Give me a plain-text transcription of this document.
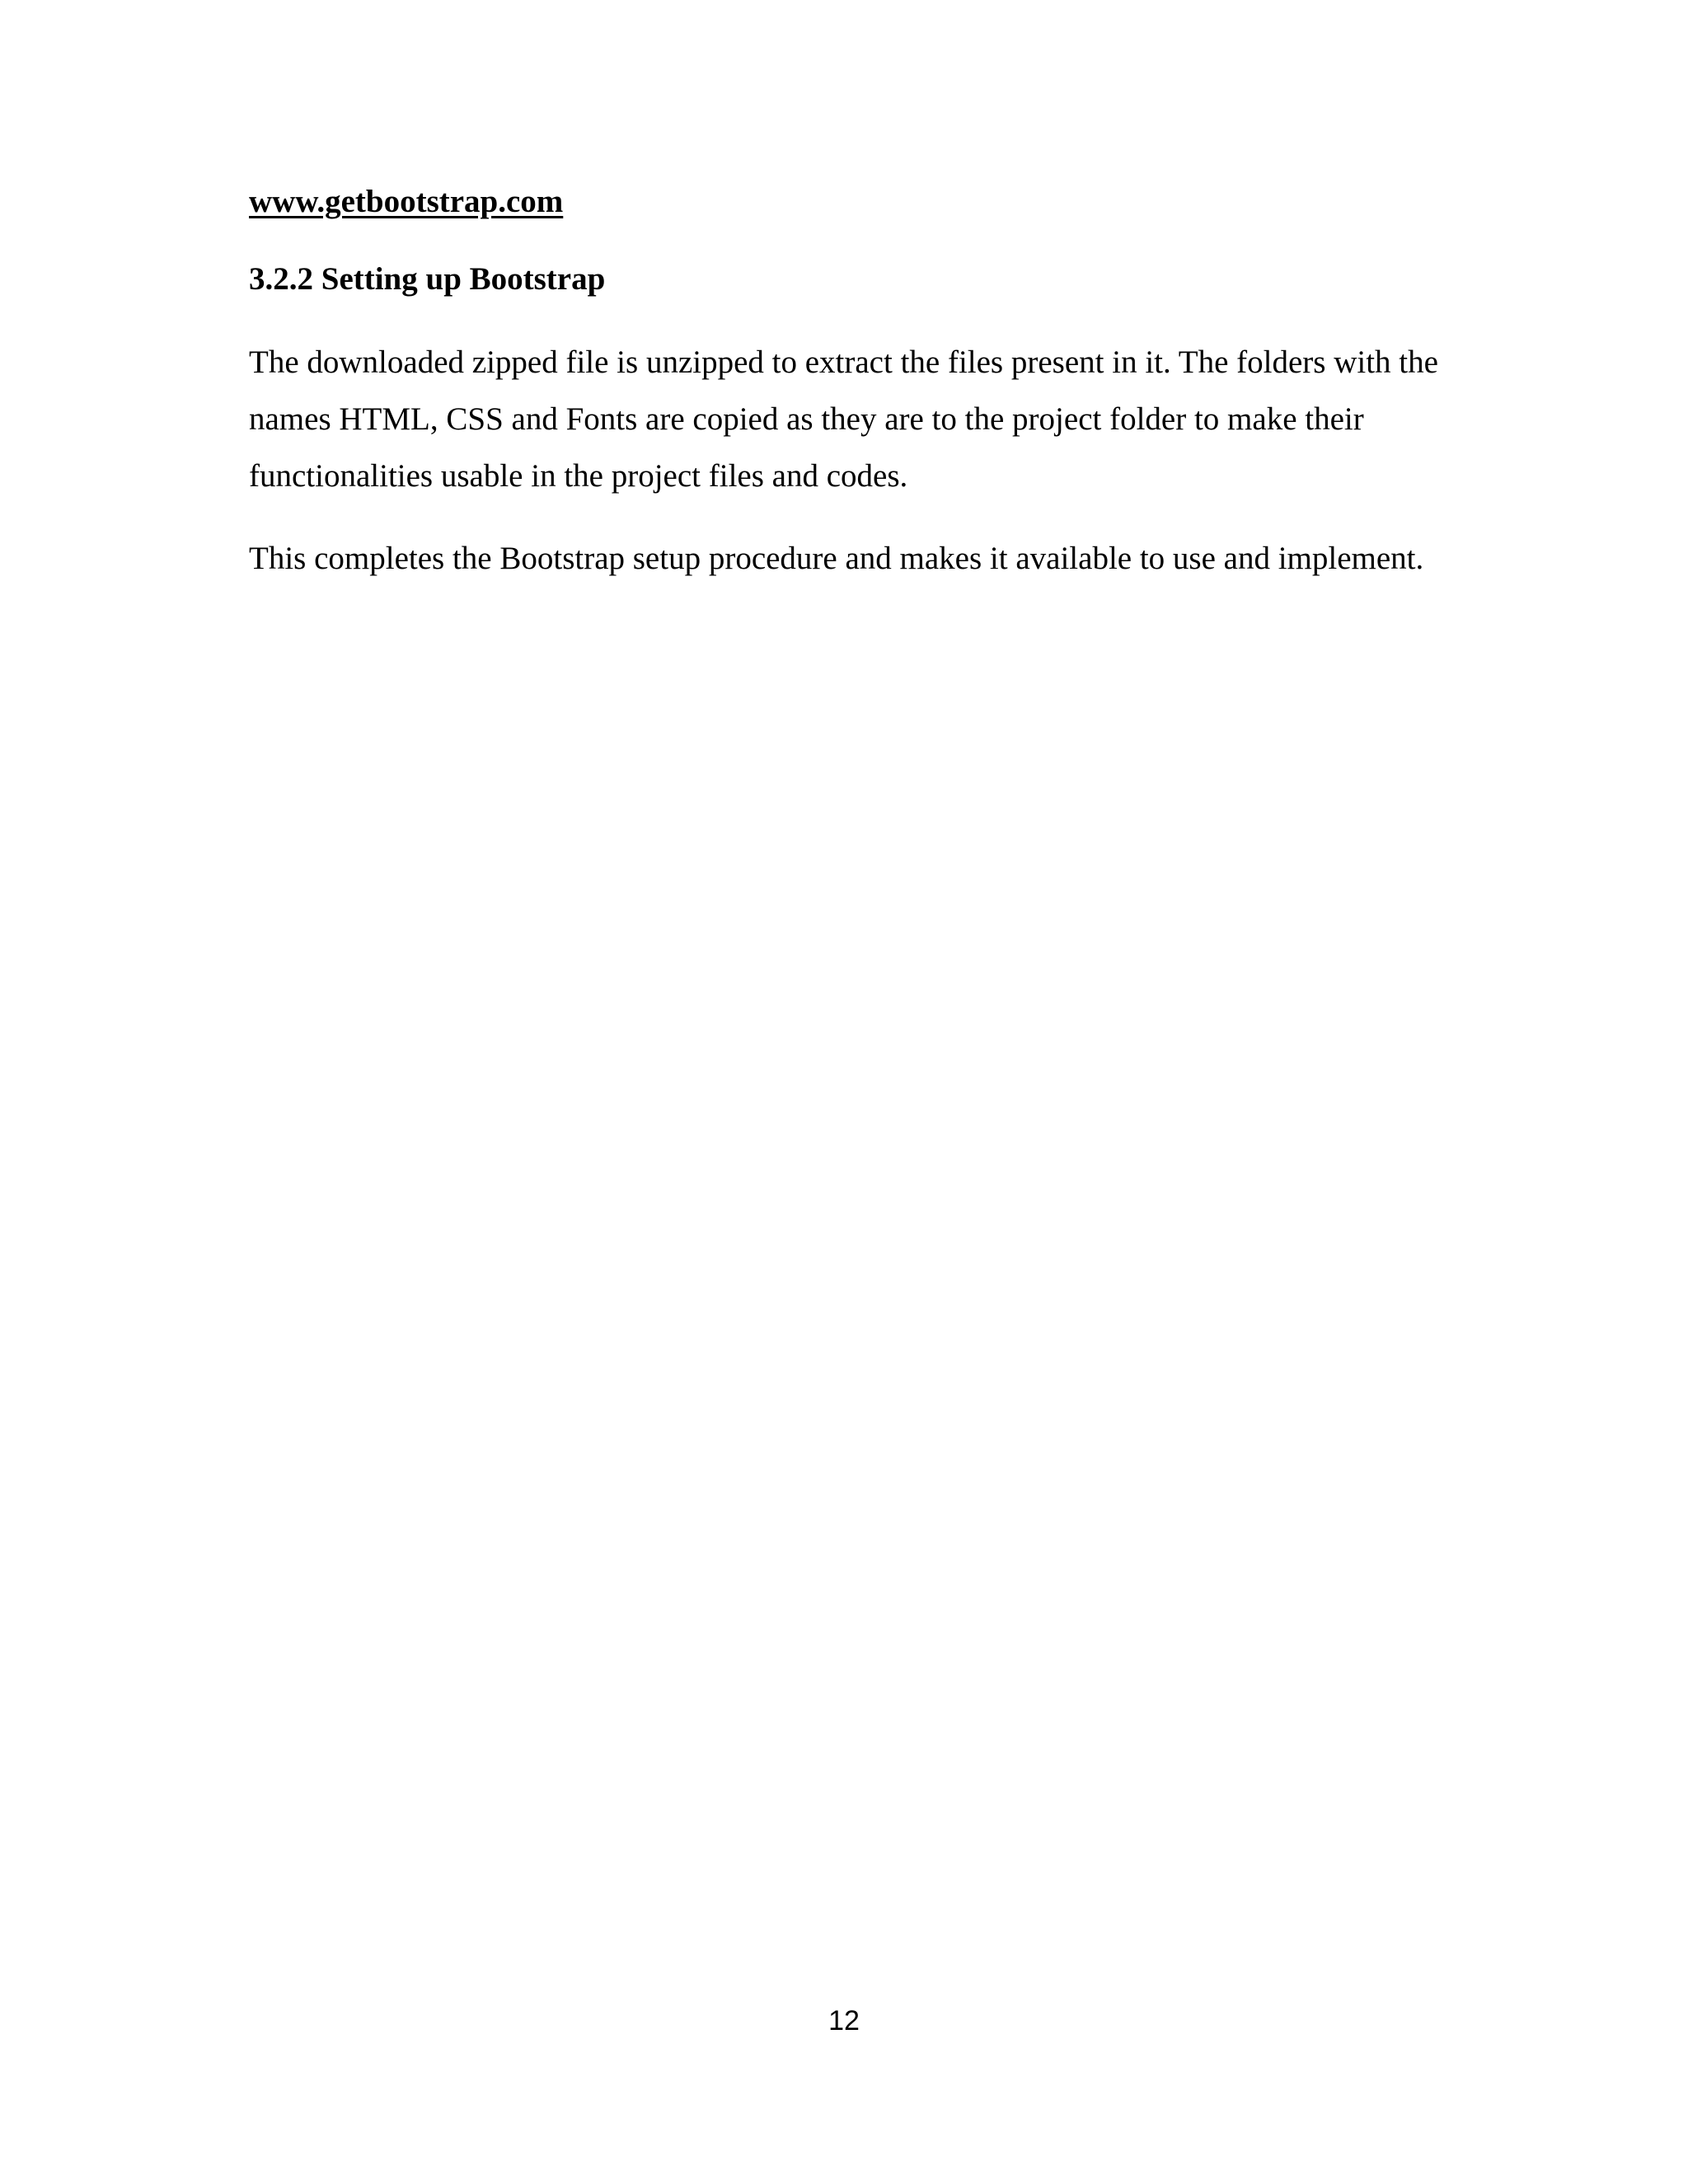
www.getbootstrap.com
3.2.2 Setting up Bootstrap

The downloaded zipped file is unzipped to extract the files present in it. The folders with the names HTML, CSS and Fonts are copied as they are to the project folder to make their functionalities usable in the project files and codes.

This completes the Bootstrap setup procedure and makes it available to use and implement.

12
